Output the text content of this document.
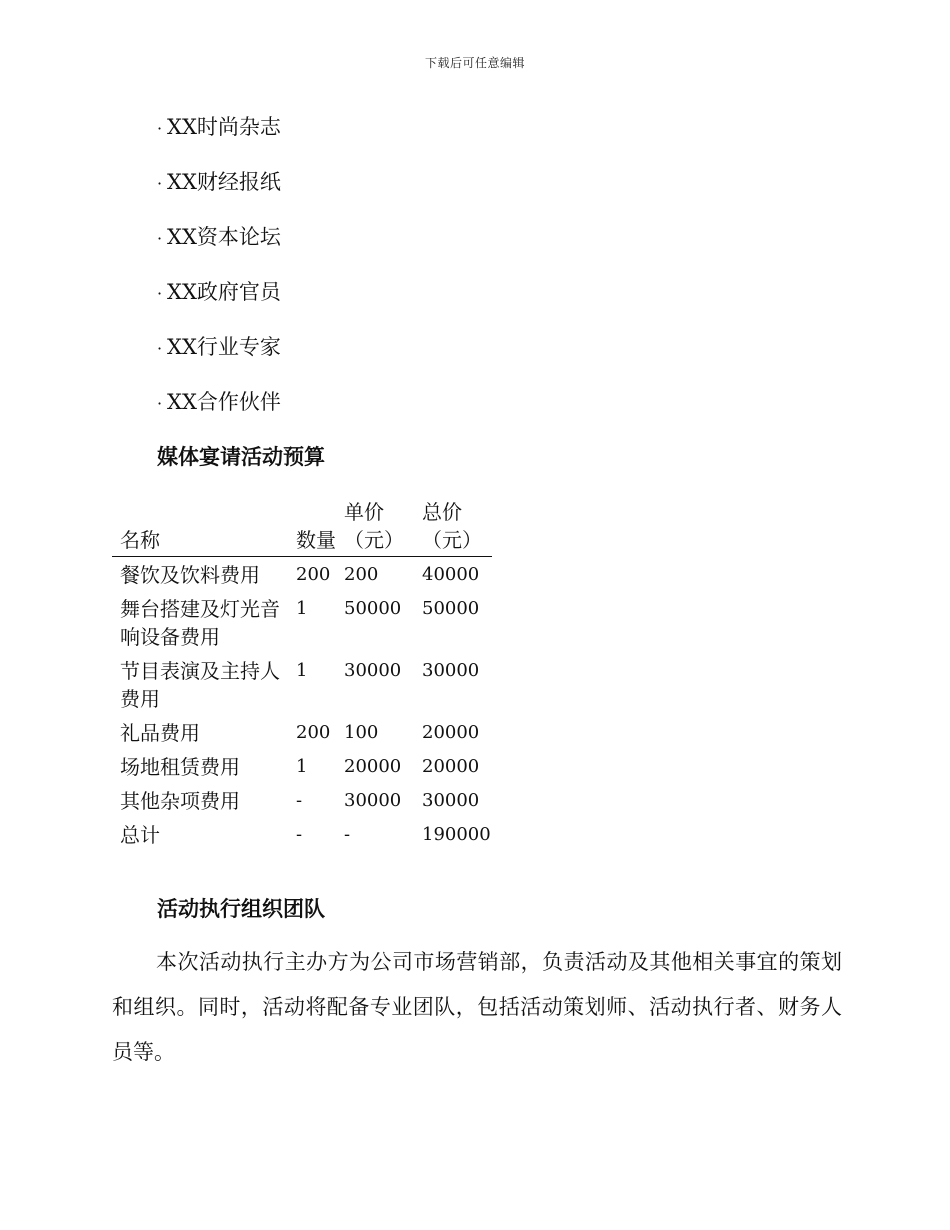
下载后可任意编辑
· XX时尚杂志
· XX财经报纸
· XX资本论坛
· XX政府官员
· XX行业专家
· XX合作伙伴
媒体宴请活动预算
名称	数量	单价（元）	总价（元）
餐饮及饮料费用	200	200	40000
舞台搭建及灯光音响设备费用	1	50000	50000
节目表演及主持人费用	1	30000	30000
礼品费用	200	100	20000
场地租赁费用	1	20000	20000
其他杂项费用	-	30000	30000
总计	-	-	190000
活动执行组织团队

本次活动执行主办方为公司市场营销部，负责活动及其他相关事宜的策划和组织。同时，活动将配备专业团队，包括活动策划师、活动执行者、财务人员等。
